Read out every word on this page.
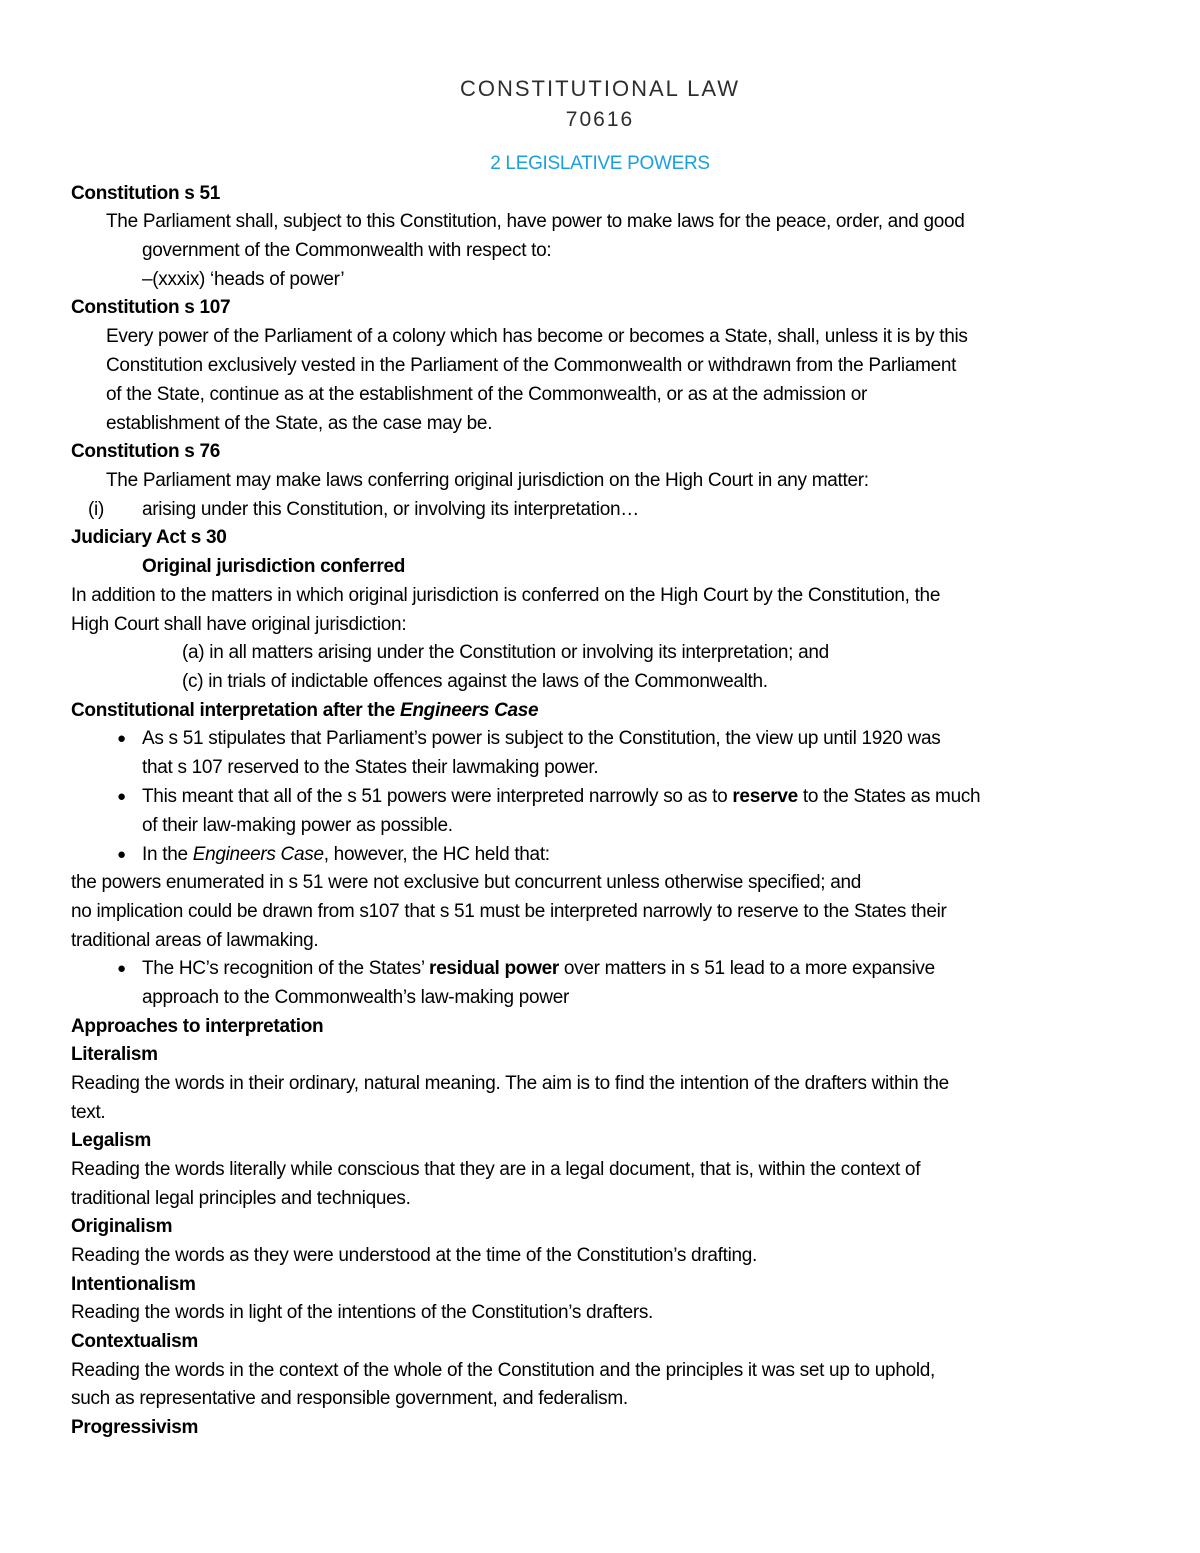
CONSTITUTIONAL LAW
70616
2 LEGISLATIVE POWERS
Constitution s 51
The Parliament shall, subject to this Constitution, have power to make laws for the peace, order, and good
government of the Commonwealth with respect to:
–(xxxix) ‘heads of power’
Constitution s 107
Every power of the Parliament of a colony which has become or becomes a State, shall, unless it is by this
Constitution exclusively vested in the Parliament of the Commonwealth or withdrawn from the Parliament
of the State, continue as at the establishment of the Commonwealth, or as at the admission or
establishment of the State, as the case may be.
Constitution s 76
The Parliament may make laws conferring original jurisdiction on the High Court in any matter:
(i) arising under this Constitution, or involving its interpretation…
Judiciary Act s 30
Original jurisdiction conferred
In addition to the matters in which original jurisdiction is conferred on the High Court by the Constitution, the
High Court shall have original jurisdiction:
(a) in all matters arising under the Constitution or involving its interpretation; and
(c) in trials of indictable offences against the laws of the Commonwealth.
Constitutional interpretation after the Engineers Case
● As s 51 stipulates that Parliament’s power is subject to the Constitution, the view up until 1920 was
that s 107 reserved to the States their lawmaking power.
● This meant that all of the s 51 powers were interpreted narrowly so as to reserve to the States as much
of their law-making power as possible.
● In the Engineers Case, however, the HC held that:
the powers enumerated in s 51 were not exclusive but concurrent unless otherwise specified; and
no implication could be drawn from s107 that s 51 must be interpreted narrowly to reserve to the States their
traditional areas of lawmaking.
● The HC’s recognition of the States’ residual power over matters in s 51 lead to a more expansive
approach to the Commonwealth’s law-making power
Approaches to interpretation
Literalism
Reading the words in their ordinary, natural meaning. The aim is to find the intention of the drafters within the
text.
Legalism
Reading the words literally while conscious that they are in a legal document, that is, within the context of
traditional legal principles and techniques.
Originalism
Reading the words as they were understood at the time of the Constitution’s drafting.
Intentionalism
Reading the words in light of the intentions of the Constitution’s drafters.
Contextualism
Reading the words in the context of the whole of the Constitution and the principles it was set up to uphold,
such as representative and responsible government, and federalism.
Progressivism
